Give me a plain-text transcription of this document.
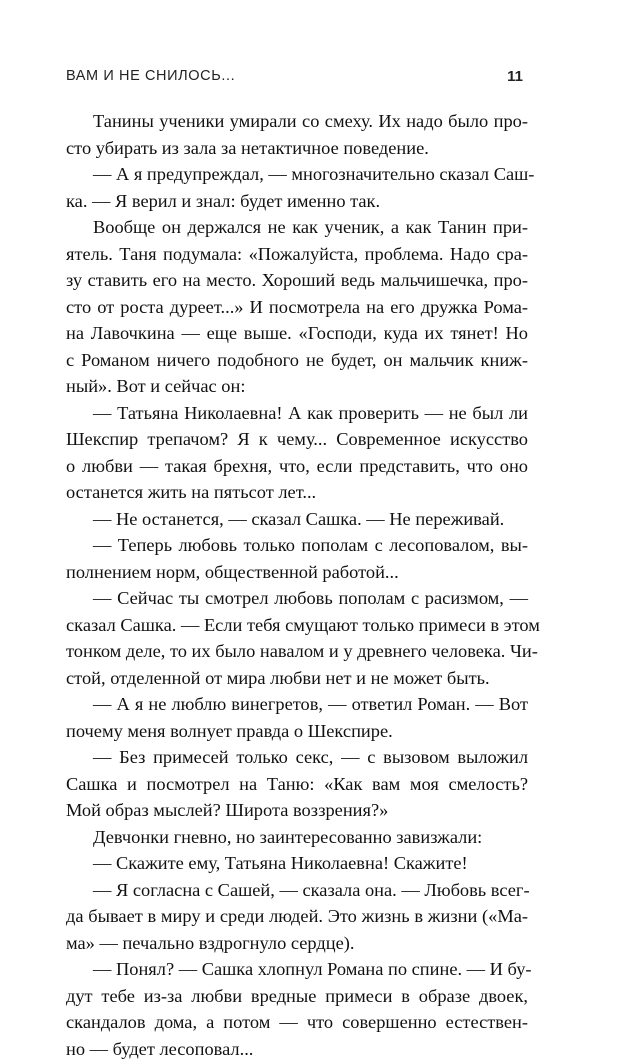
ВАМ И НЕ СНИЛОСЬ...	11
Танины ученики умирали со смеху. Их надо было про-
сто убирать из зала за нетактичное поведение.
— А я предупреждал, — многозначительно сказал Саш-
ка. — Я верил и знал: будет именно так.
Вообще он держался не как ученик, а как Танин при-
ятель. Таня подумала: «Пожалуйста, проблема. Надо сра-
зу ставить его на место. Хороший ведь мальчишечка, про-
сто от роста дуреет...» И посмотрела на его дружка Рома-
на Лавочкина — еще выше. «Господи, куда их тянет! Но
с Романом ничего подобного не будет, он мальчик книж-
ный». Вот и сейчас он:
— Татьяна Николаевна! А как проверить — не был ли
Шекспир трепачом? Я к чему... Современное искусство
о любви — такая брехня, что, если представить, что оно
останется жить на пятьсот лет...
— Не останется, — сказал Сашка. — Не переживай.
— Теперь любовь только пополам с лесоповалом, вы-
полнением норм, общественной работой...
— Сейчас ты смотрел любовь пополам с расизмом, —
сказал Сашка. — Если тебя смущают только примеси в этом
тонком деле, то их было навалом и у древнего человека. Чи-
стой, отделенной от мира любви нет и не может быть.
— А я не люблю винегретов, — ответил Роман. — Вот
почему меня волнует правда о Шекспире.
— Без примесей только секс, — с вызовом выложил
Сашка и посмотрел на Таню: «Как вам моя смелость?
Мой образ мыслей? Широта воззрения?»
Девчонки гневно, но заинтересованно завизжали:
— Скажите ему, Татьяна Николаевна! Скажите!
— Я согласна с Сашей, — сказала она. — Любовь всег-
да бывает в миру и среди людей. Это жизнь в жизни («Ма-
ма» — печально вздрогнуло сердце).
— Понял? — Сашка хлопнул Романа по спине. — И бу-
дут тебе из-за любви вредные примеси в образе двоек,
скандалов дома, а потом — что совершенно естествен-
но — будет лесоповал...
